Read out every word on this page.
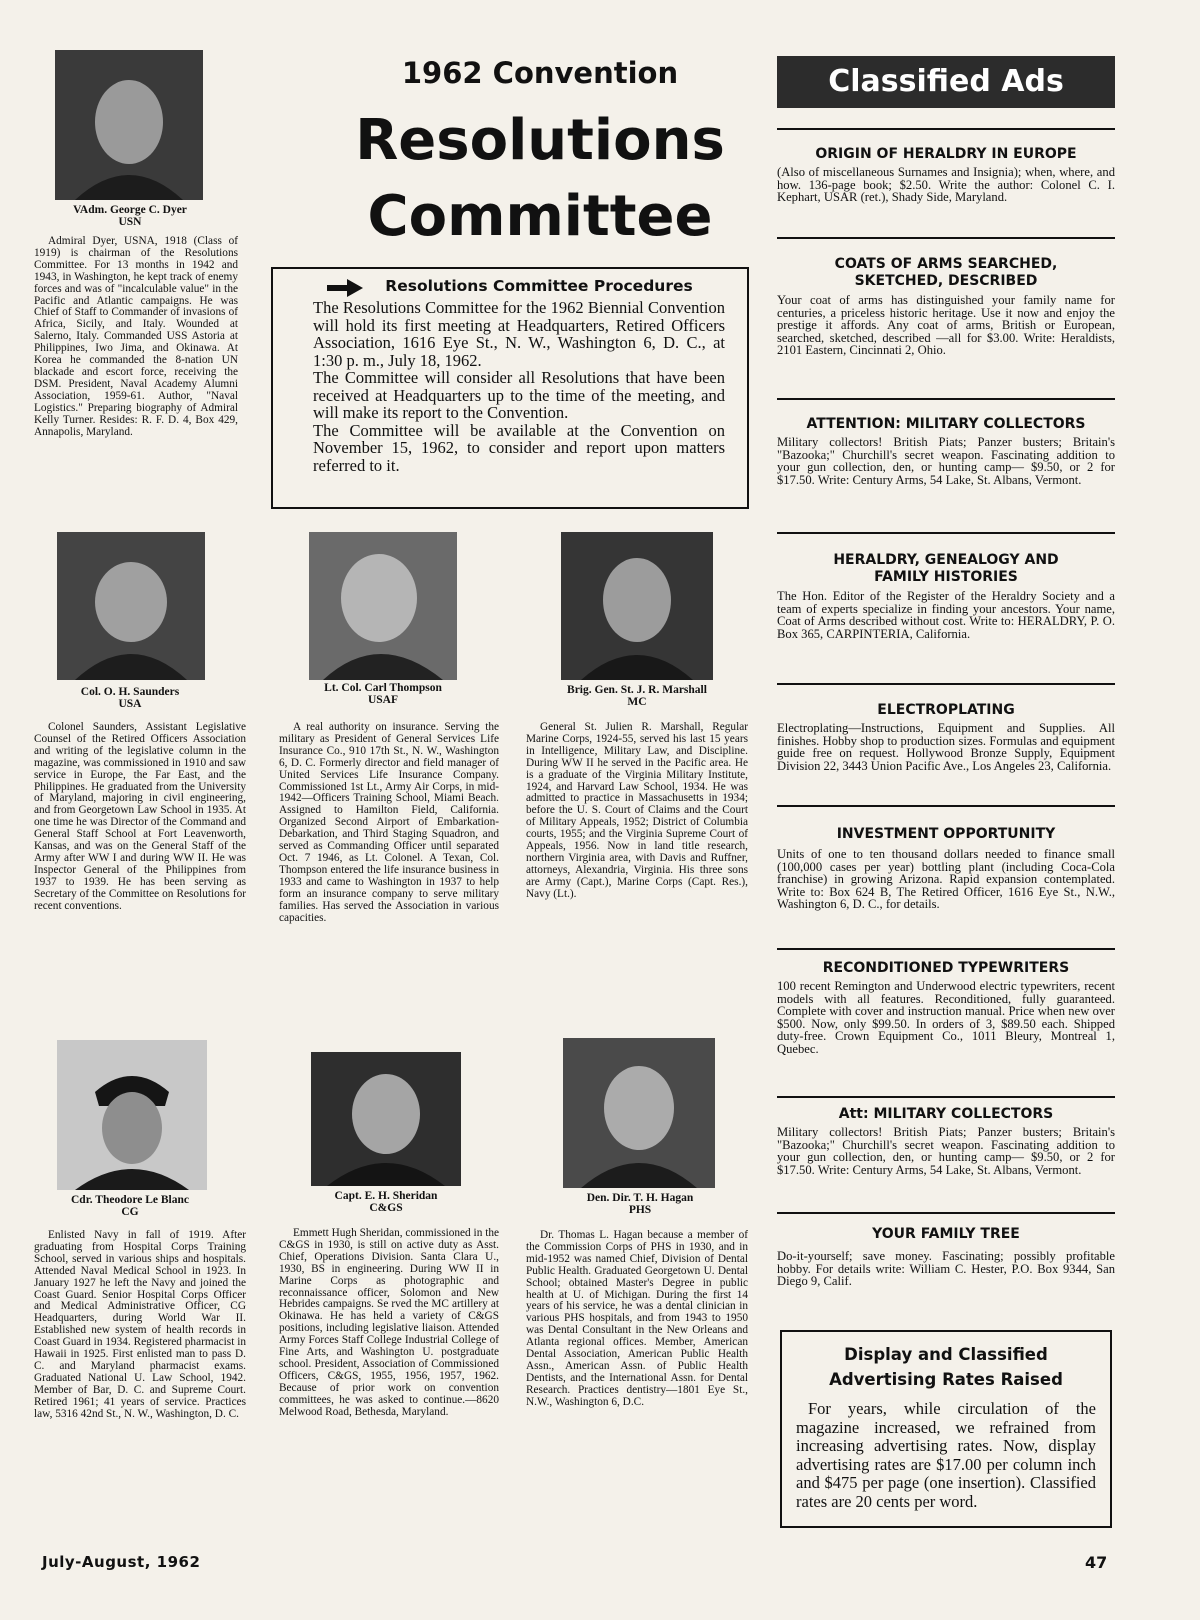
VAdm. George C. Dyer
USN
Admiral Dyer, USNA, 1918 (Class of 1919) is chairman of the Resolutions Committee. For 13 months in 1942 and 1943, in Washington, he kept track of enemy forces and was of "incalculable value" in the Pacific and Atlantic campaigns. He was Chief of Staff to Commander of invasions of Africa, Sicily, and Italy. Wounded at Salerno, Italy. Commanded USS Astoria at Philippines, Iwo Jima, and Okinawa. At Korea he commanded the 8-nation UN blackade and escort force, receiving the DSM. President, Naval Academy Alumni Association, 1959-61. Author, "Naval Logistics." Preparing biography of Admiral Kelly Turner. Resides: R. F. D. 4, Box 429, Annapolis, Maryland.
1962 Convention
Resolutions
Committee
Resolutions Committee Procedures

The Resolutions Committee for the 1962 Biennial Convention will hold its first meeting at Headquarters, Retired Officers Association, 1616 Eye St., N. W., Washington 6, D. C., at 1:30 p. m., July 18, 1962.

The Committee will consider all Resolutions that have been received at Headquarters up to the time of the meeting, and will make its report to the Convention.

The Committee will be available at the Convention on November 15, 1962, to consider and report upon matters referred to it.

Col. O. H. Saunders
USA
Colonel Saunders, Assistant Legislative Counsel of the Retired Officers Association and writing of the legislative column in the magazine, was commissioned in 1910 and saw service in Europe, the Far East, and the Philippines. He graduated from the University of Maryland, majoring in civil engineering, and from Georgetown Law School in 1935. At one time he was Director of the Command and General Staff School at Fort Leavenworth, Kansas, and was on the General Staff of the Army after WW I and during WW II. He was Inspector General of the Philippines from 1937 to 1939. He has been serving as Secretary of the Committee on Resolutions for recent conventions.
Lt. Col. Carl Thompson
USAF
A real authority on insurance. Serving the military as President of General Services Life Insurance Co., 910 17th St., N. W., Washington 6, D. C. Formerly director and field manager of United Services Life Insurance Company. Commissioned 1st Lt., Army Air Corps, in mid-1942—Officers Training School, Miami Beach. Assigned to Hamilton Field, California. Organized Second Airport of Embarkation-Debarkation, and Third Staging Squadron, and served as Commanding Officer until separated Oct. 7 1946, as Lt. Colonel. A Texan, Col. Thompson entered the life insurance business in 1933 and came to Washington in 1937 to help form an insurance company to serve military families. Has served the Association in various capacities.
Brig. Gen. St. J. R. Marshall
MC
General St. Julien R. Marshall, Regular Marine Corps, 1924-55, served his last 15 years in Intelligence, Military Law, and Discipline. During WW II he served in the Pacific area. He is a graduate of the Virginia Military Institute, 1924, and Harvard Law School, 1934. He was admitted to practice in Massachusetts in 1934; before the U. S. Court of Claims and the Court of Military Appeals, 1952; District of Columbia courts, 1955; and the Virginia Supreme Court of Appeals, 1956. Now in land title research, northern Virginia area, with Davis and Ruffner, attorneys, Alexandria, Virginia. His three sons are Army (Capt.), Marine Corps (Capt. Res.), Navy (Lt.).
Cdr. Theodore Le Blanc
CG
Enlisted Navy in fall of 1919. After graduating from Hospital Corps Training School, served in various ships and hospitals. Attended Naval Medical School in 1923. In January 1927 he left the Navy and joined the Coast Guard. Senior Hospital Corps Officer and Medical Administrative Officer, CG Headquarters, during World War II. Established new system of health records in Coast Guard in 1934. Registered pharmacist in Hawaii in 1925. First enlisted man to pass D. C. and Maryland pharmacist exams. Graduated National U. Law School, 1942. Member of Bar, D. C. and Supreme Court. Retired 1961; 41 years of service. Practices law, 5316 42nd St., N. W., Washington, D. C.
Capt. E. H. Sheridan
C&GS
Emmett Hugh Sheridan, commissioned in the C&GS in 1930, is still on active duty as Asst. Chief, Operations Division. Santa Clara U., 1930, BS in engineering. During WW II in Marine Corps as photographic and reconnaissance officer, Solomon and New Hebrides campaigns. Se rved the MC artillery at Okinawa. He has held a variety of C&GS positions, including legislative liaison. Attended Army Forces Staff College Industrial College of Fine Arts, and Washington U. postgraduate school. President, Association of Commissioned Officers, C&GS, 1955, 1956, 1957, 1962. Because of prior work on convention committees, he was asked to continue.—8620 Melwood Road, Bethesda, Maryland.
Den. Dir. T. H. Hagan
PHS
Dr. Thomas L. Hagan because a member of the Commission Corps of PHS in 1930, and in mid-1952 was named Chief, Division of Dental Public Health. Graduated Georgetown U. Dental School; obtained Master's Degree in public health at U. of Michigan. During the first 14 years of his service, he was a dental clinician in various PHS hospitals, and from 1943 to 1950 was Dental Consultant in the New Orleans and Atlanta regional offices. Member, American Dental Association, American Public Health Assn., American Assn. of Public Health Dentists, and the International Assn. for Dental Research. Practices dentistry—1801 Eye St., N.W., Washington 6, D.C.
Classified Ads
ORIGIN OF HERALDRY IN EUROPE
(Also of miscellaneous Surnames and Insignia); when, where, and how. 136-page book; $2.50. Write the author: Colonel C. I. Kephart, USAR (ret.), Shady Side, Maryland.
COATS OF ARMS SEARCHED, SKETCHED, DESCRIBED
Your coat of arms has distinguished your family name for centuries, a priceless historic heritage. Use it now and enjoy the prestige it affords. Any coat of arms, British or European, searched, sketched, described —all for $3.00. Write: Heraldists, 2101 Eastern, Cincinnati 2, Ohio.
ATTENTION: MILITARY COLLECTORS
Military collectors! British Piats; Panzer busters; Britain's "Bazooka;" Churchill's secret weapon. Fascinating addition to your gun collection, den, or hunting camp— $9.50, or 2 for $17.50. Write: Century Arms, 54 Lake, St. Albans, Vermont.
HERALDRY, GENEALOGY AND FAMILY HISTORIES
The Hon. Editor of the Register of the Heraldry Society and a team of experts specialize in finding your ancestors. Your name, Coat of Arms described without cost. Write to: HERALDRY, P. O. Box 365, CARPINTERIA, California.
ELECTROPLATING
Electroplating—Instructions, Equipment and Supplies. All finishes. Hobby shop to production sizes. Formulas and equipment guide free on request. Hollywood Bronze Supply, Equipment Division 22, 3443 Union Pacific Ave., Los Angeles 23, California.
INVESTMENT OPPORTUNITY
Units of one to ten thousand dollars needed to finance small (100,000 cases per year) bottling plant (including Coca-Cola franchise) in growing Arizona. Rapid expansion contemplated. Write to: Box 624 B, The Retired Officer, 1616 Eye St., N.W., Washington 6, D. C., for details.
RECONDITIONED TYPEWRITERS
100 recent Remington and Underwood electric typewriters, recent models with all features. Reconditioned, fully guaranteed. Complete with cover and instruction manual. Price when new over $500. Now, only $99.50. In orders of 3, $89.50 each. Shipped duty-free. Crown Equipment Co., 1011 Bleury, Montreal 1, Quebec.
Att: MILITARY COLLECTORS
Military collectors! British Piats; Panzer busters; Britain's "Bazooka;" Churchill's secret weapon. Fascinating addition to your gun collection, den, or hunting camp— $9.50, or 2 for $17.50. Write: Century Arms, 54 Lake, St. Albans, Vermont.
YOUR FAMILY TREE
Do-it-yourself; save money. Fascinating; possibly profitable hobby. For details write: William C. Hester, P.O. Box 9344, San Diego 9, Calif.
Display and Classified
Advertising Rates Raised
For years, while circulation of the magazine increased, we refrained from increasing advertising rates. Now, display advertising rates are $17.00 per column inch and $475 per page (one insertion). Classified rates are 20 cents per word.
July-August, 1962	47
